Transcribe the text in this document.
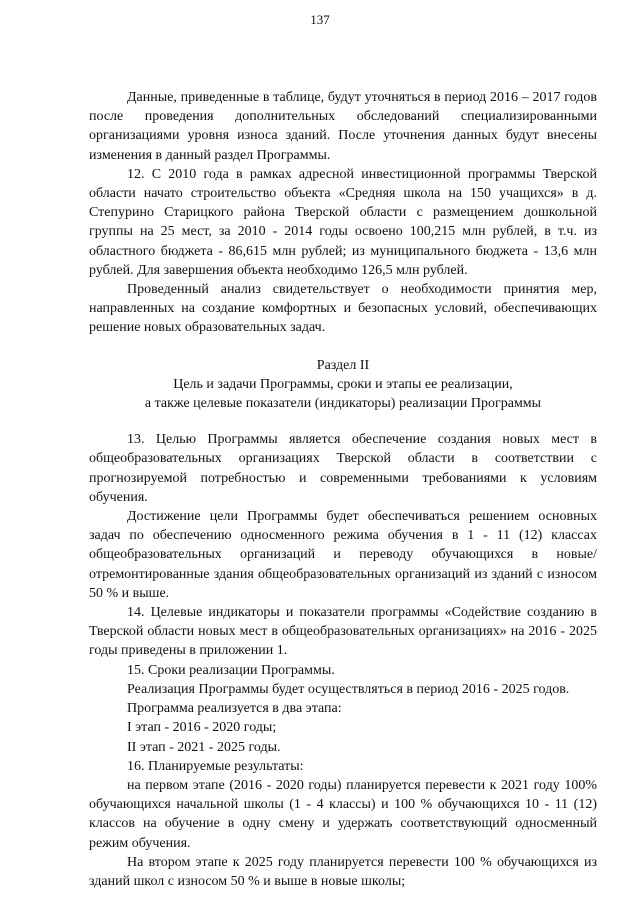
137

Данные, приведенные в таблице, будут уточняться в период 2016 – 2017 годов после проведения дополнительных обследований специализированными организациями уровня износа зданий. После уточнения данных будут внесены изменения в данный раздел Программы.

12. С 2010 года в рамках адресной инвестиционной программы Тверской области начато строительство объекта «Средняя школа на 150 учащихся» в д. Степурино Старицкого района Тверской области с размещением дошкольной группы на 25 мест, за 2010 - 2014 годы освоено 100,215 млн рублей, в т.ч. из областного бюджета - 86,615 млн рублей; из муниципального бюджета - 13,6 млн рублей. Для завершения объекта необходимо 126,5 млн рублей.

Проведенный анализ свидетельствует о необходимости принятия мер, направленных на создание комфортных и безопасных условий, обеспечивающих решение новых образовательных задач.

Раздел II
Цель и задачи Программы, сроки и этапы ее реализации,
а также целевые показатели (индикаторы) реализации Программы

13. Целью Программы является обеспечение создания новых мест в общеобразовательных организациях Тверской области в соответствии с прогнозируемой потребностью и современными требованиями к условиям обучения.

Достижение цели Программы будет обеспечиваться решением основных задач по обеспечению односменного режима обучения в 1 - 11 (12) классах общеобразовательных организаций и переводу обучающихся в новые/отремонтированные здания общеобразовательных организаций из зданий с износом 50 % и выше.

14. Целевые индикаторы и показатели программы «Содействие созданию в Тверской области новых мест в общеобразовательных организациях» на 2016 - 2025 годы приведены в приложении 1.

15. Сроки реализации Программы.

Реализация Программы будет осуществляться в период 2016 - 2025 годов.

Программа реализуется в два этапа:

I этап - 2016 - 2020 годы;

II этап - 2021 - 2025 годы.

16. Планируемые результаты:

на первом этапе (2016 - 2020 годы) планируется перевести к 2021 году 100% обучающихся начальной школы (1 - 4 классы) и 100 % обучающихся 10 - 11 (12) классов на обучение в одну смену и удержать соответствующий односменный режим обучения.

На втором этапе к 2025 году планируется перевести 100 % обучающихся из зданий школ с износом 50 % и выше в новые школы;
